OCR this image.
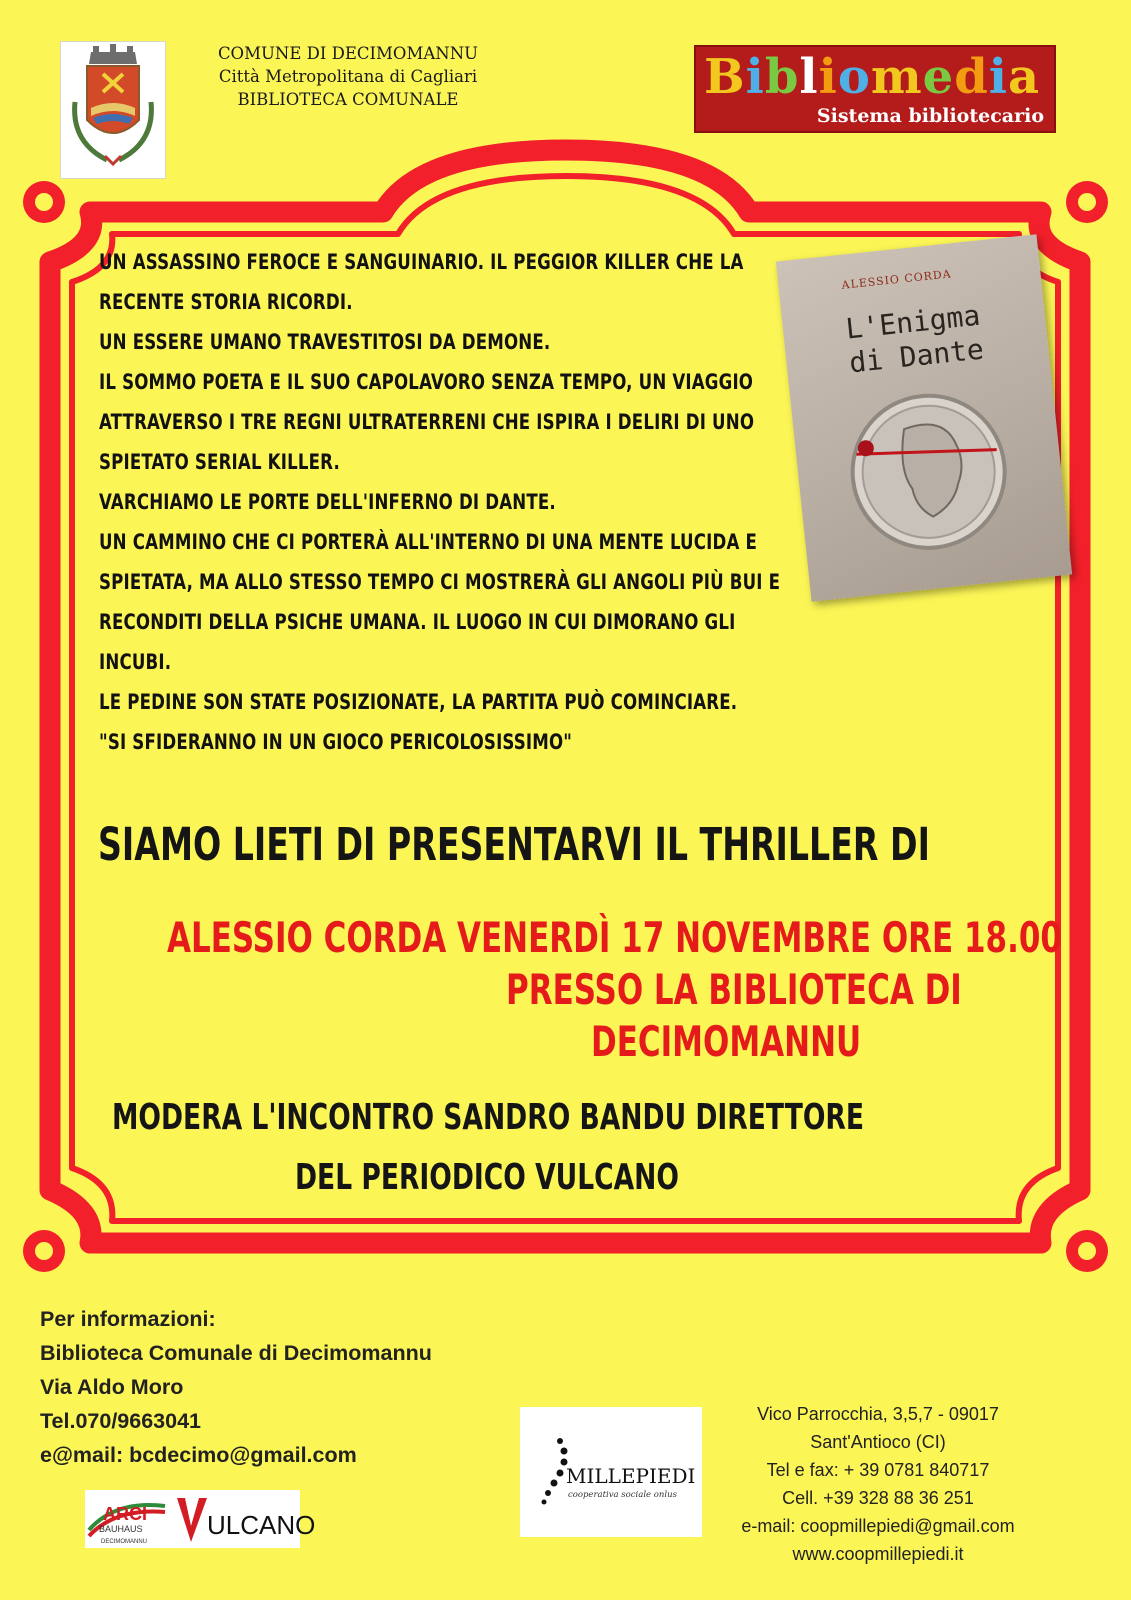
COMUNE DI DECIMOMANNU
Città Metropolitana di Cagliari
BIBLIOTECA COMUNALE	Bibliomedia
Sistema bibliotecario
UN ASSASSINO FEROCE E SANGUINARIO. IL PEGGIOR KILLER CHE LA
RECENTE STORIA RICORDI.
UN ESSERE UMANO TRAVESTITOSI DA DEMONE.
IL SOMMO POETA E IL SUO CAPOLAVORO SENZA TEMPO, UN VIAGGIO
ATTRAVERSO I TRE REGNI ULTRATERRENI CHE ISPIRA I DELIRI DI UNO
SPIETATO SERIAL KILLER.
VARCHIAMO LE PORTE DELL'INFERNO DI DANTE.
UN CAMMINO CHE CI PORTERÀ ALL'INTERNO DI UNA MENTE LUCIDA E
SPIETATA, MA ALLO STESSO TEMPO CI MOSTRERÀ GLI ANGOLI PIÙ BUI E
RECONDITI DELLA PSICHE UMANA. IL LUOGO IN CUI DIMORANO GLI
INCUBI.
LE PEDINE SON STATE POSIZIONATE, LA PARTITA PUÒ COMINCIARE.
"SI SFIDERANNO IN UN GIOCO PERICOLOSISSIMO"
ALESSIO CORDA
L'Enigma
di Dante
SIAMO LIETI DI PRESENTARVI IL THRILLER DI
ALESSIO CORDA VENERDÌ 17 NOVEMBRE ORE 18.00
PRESSO LA BIBLIOTECA DI
DECIMOMANNU
MODERA L'INCONTRO SANDRO BANDU DIRETTORE
DEL PERIODICO VULCANO
Per informazioni:
Biblioteca Comunale di Decimomannu
Via Aldo Moro
Tel.070/9663041
e@mail: bcdecimo@gmail.com
ARCI
BAUHAUS
DECIMOMANNU
ULCANO
MILLEPIEDI
cooperativa sociale onlus
Vico Parrocchia, 3,5,7 - 09017
Sant'Antioco (CI)
Tel e fax: + 39 0781 840717
Cell. +39 328 88 36 251
e-mail: coopmillepiedi@gmail.com
www.coopmillepiedi.it
